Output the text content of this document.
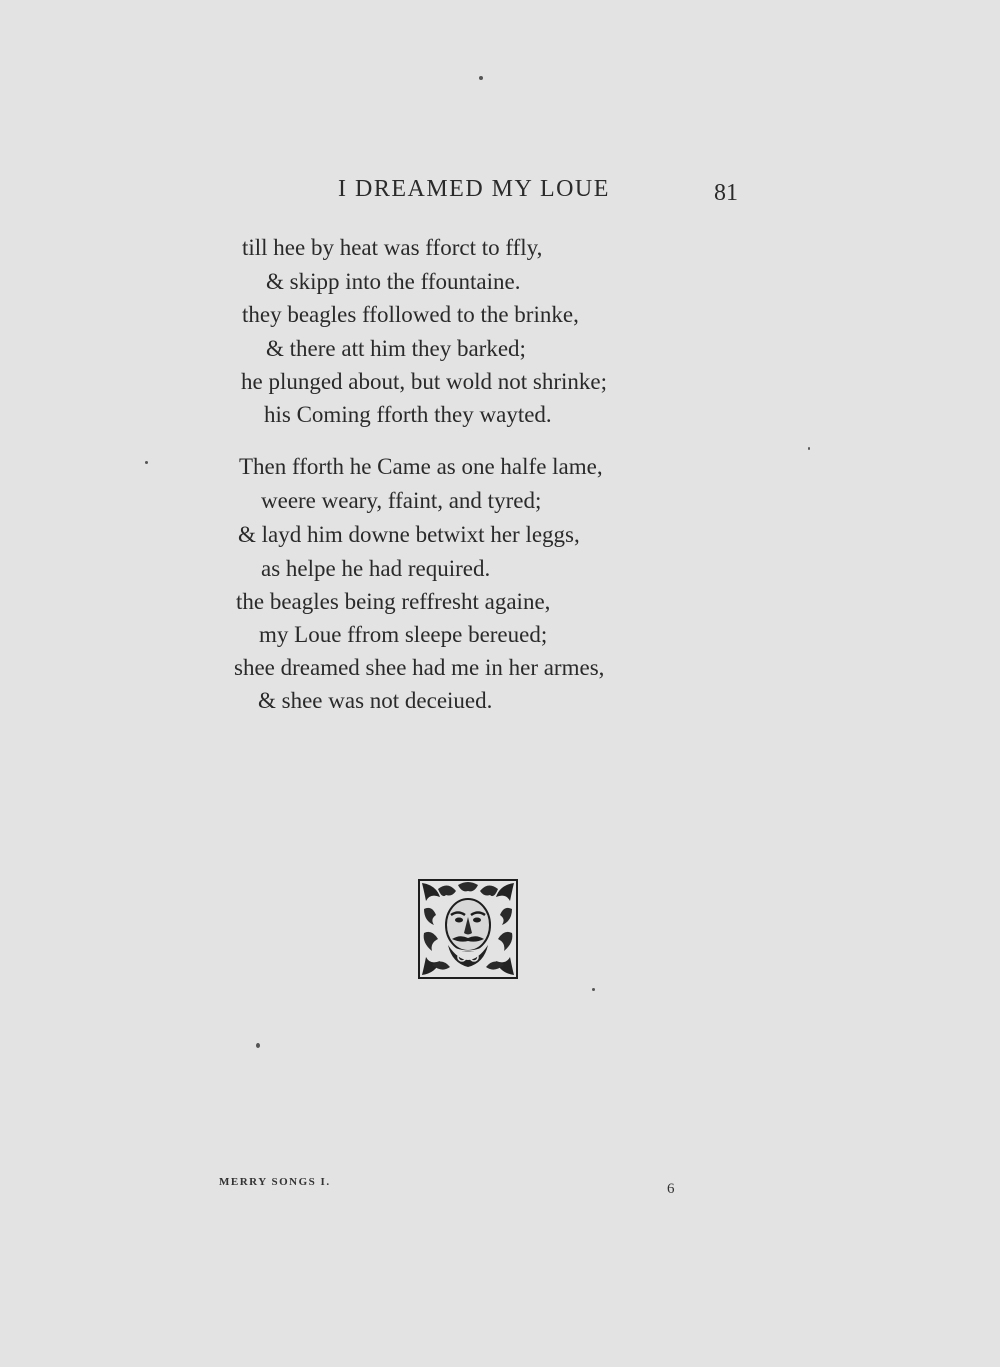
I DREAMED MY LOUE	81
till hee by heat was fforct to ffly,
& skipp into the ffountaine.
they beagles ffollowed to the brinke,
& there att him they barked;
he plunged about, but wold not shrinke;
his Coming fforth they wayted.
Then fforth he Came as one halfe lame,
weere weary, ffaint, and tyred;
& layd him downe betwixt her leggs,
as helpe he had required.
the beagles being reffresht againe,
my Loue ffrom sleepe bereued;
shee dreamed shee had me in her armes,
& shee was not deceiued.
MERRY SONGS I.	6
